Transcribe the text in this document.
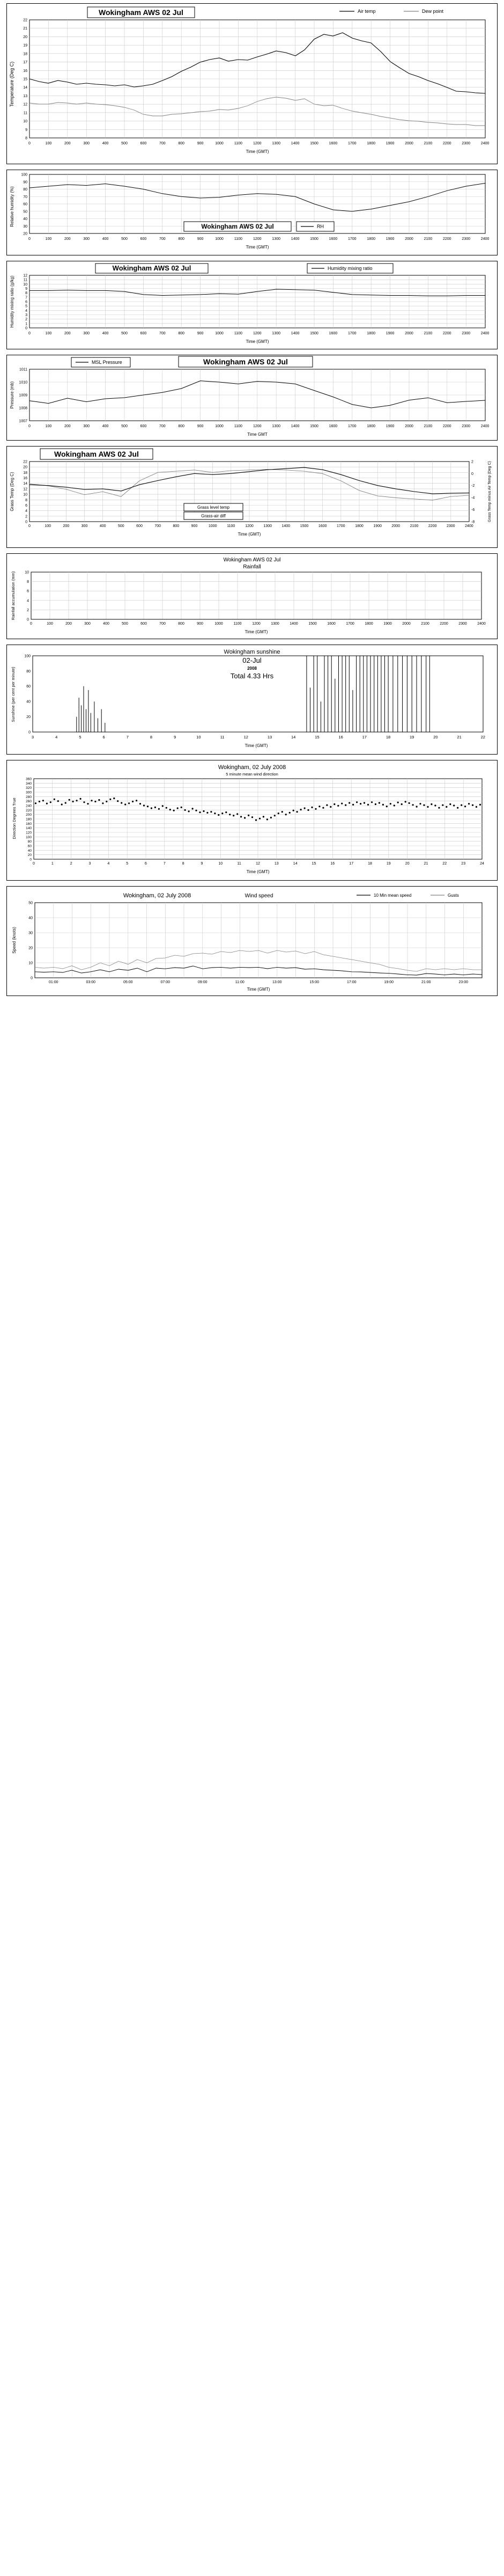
Wokingham AWS 02 Jul	Air temp	Dew point
Temperature (Deg C)
8
9
10
11
12
13
14
15
16
17
18
19
20
21
22
0	100	200	300	400	500	600	700	800	900	1000	1100	1200	1300	1400	1500	1600	1700	1800	1900	2000	2100	2200	2300	2400
Time (GMT)
20
30
40
50
60
70
80
90
100
0	100	200	300	400	500	600	700	800	900	1000	1100	1200	1300	1400	1500	1600	1700	1800	1900	2000	2100	2200	2300	2400
Relative humidity (%)
Time (GMT)
Wokingham AWS 02 Jul	RH
Wokingham AWS 02 Jul	Humidity mixing ratio
0
1
2
3
4
5
6
7
8
9
10
11
12
0	100	200	300	400	500	600	700	800	900	1000	1100	1200	1300	1400	1500	1600	1700	1800	1900	2000	2100	2200	2300	2400
Humidity mixing ratio (g/kg)
Time (GMT)
MSL Pressure	Wokingham AWS 02 Jul
1007
1008
1009
1010
1011
0	100	200	300	400	500	600	700	800	900	1000	1100	1200	1300	1400	1500	1600	1700	1800	1900	2000	2100	2200	2300	2400
Pressure (mb)
Time GMT
Wokingham AWS 02 Jul
0
2
4
6
8
10
12
14
16
18
20
22
-8
-6
-4
-2
0
2
0	100	200	300	400	500	600	700	800	900	1000	1100	1200	1300	1400	1500	1600	1700	1800	1900	2000	2100	2200	2300	2400
Grass Temp (Deg C)	Grass Temp minus Air Temp (Deg C)
Time (GMT)
Grass level temp
Grass-air diff
Wokingham AWS 02 Jul
Rainfall
0
2
4
6
8
10
0	100	200	300	400	500	600	700	800	900	1000	1100	1200	1300	1400	1500	1600	1700	1800	1900	2000	2100	2200	2300	2400
Rainfall accumulation (mm)
Time (GMT)
Wokingham sunshine
02-Jul
2008
Total 4.33 Hrs
0
20
40
60
80
100
3	4	5	6	7	8	9	10	11	12	13	14	15	16	17	18	19	20	21	22
Sunshine (per cent per minute)
Time (GMT)
Wokingham, 02 July 2008
5 minute mean wind direction
0
20
40
60
80
100
120
140
160
180
200
220
240
260
280
300
320
340
360
0	1	2	3	4	5	6	7	8	9	10	11	12	13	14	15	16	17	18	19	20	21	22	23	24
Direction Degrees True
Time (GMT)
Wokingham, 02 July 2008	Wind speed	10 Min mean speed	Gusts
0
10
20
30
40
50
01:00	03:00	05:00	07:00	09:00	11:00	13:00	15:00	17:00	19:00	21:00	23:00
Speed (knots)
Time (GMT)
